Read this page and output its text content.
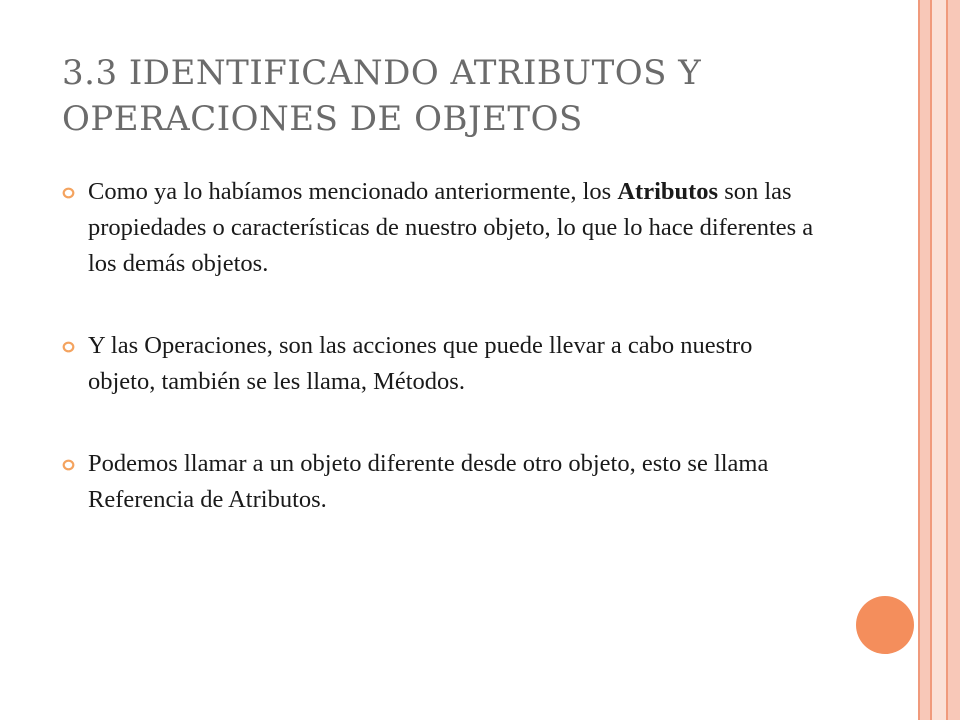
3.3 IDENTIFICANDO ATRIBUTOS Y
OPERACIONES DE OBJETOS
Como ya lo habíamos mencionado anteriormente, los Atributos son las propiedades o características de nuestro objeto, lo que lo hace diferentes a los demás objetos.
Y las Operaciones, son las acciones que puede llevar a cabo nuestro objeto, también se les llama, Métodos.
Podemos llamar a un objeto diferente desde otro objeto, esto se llama Referencia de Atributos.
